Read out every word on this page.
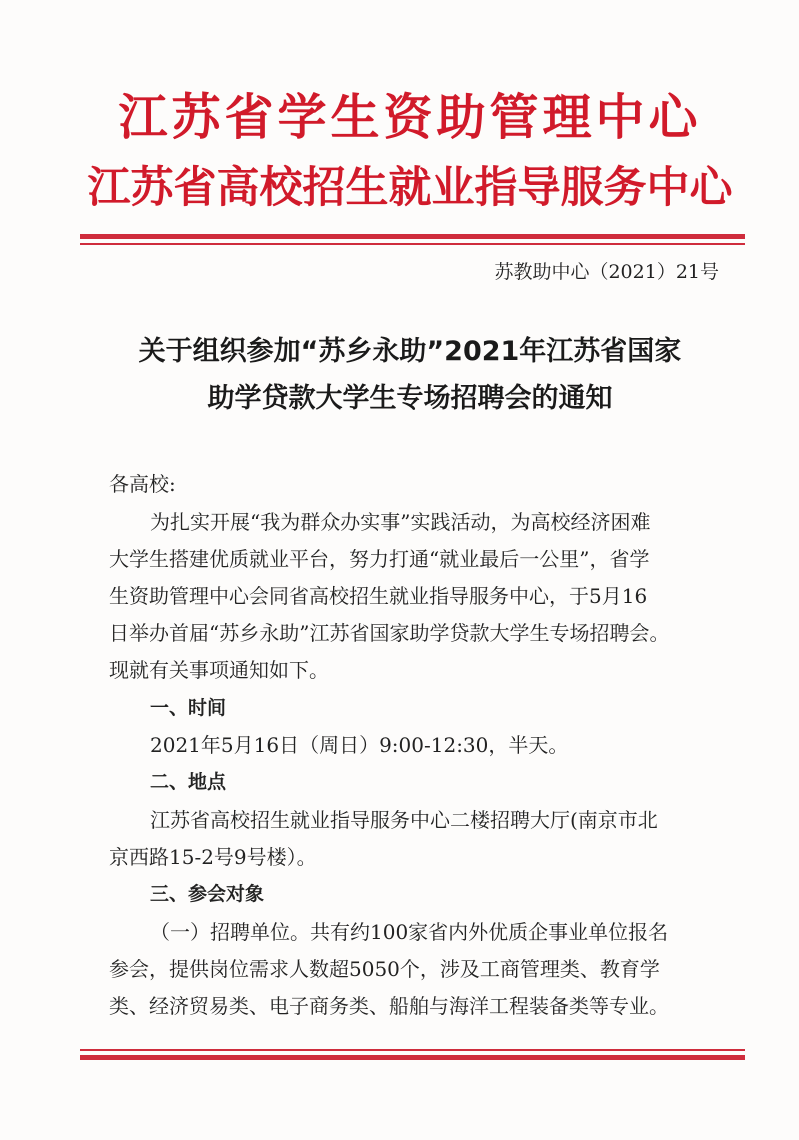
江苏省学生资助管理中心
江苏省高校招生就业指导服务中心
苏教助中心（2021）21号
关于组织参加“苏乡永助”2021年江苏省国家
助学贷款大学生专场招聘会的通知
各高校:
为扎实开展“我为群众办实事”实践活动，为高校经济困难
大学生搭建优质就业平台，努力打通“就业最后一公里”，省学
生资助管理中心会同省高校招生就业指导服务中心，于5月16
日举办首届“苏乡永助”江苏省国家助学贷款大学生专场招聘会。
现就有关事项通知如下。
一、时间
2021年5月16日（周日）9:00-12:30，半天。
二、地点
江苏省高校招生就业指导服务中心二楼招聘大厅(南京市北
京西路15-2号9号楼）。
三、参会对象
（一）招聘单位。共有约100家省内外优质企事业单位报名
参会，提供岗位需求人数超5050个，涉及工商管理类、教育学
类、经济贸易类、电子商务类、船舶与海洋工程装备类等专业。
